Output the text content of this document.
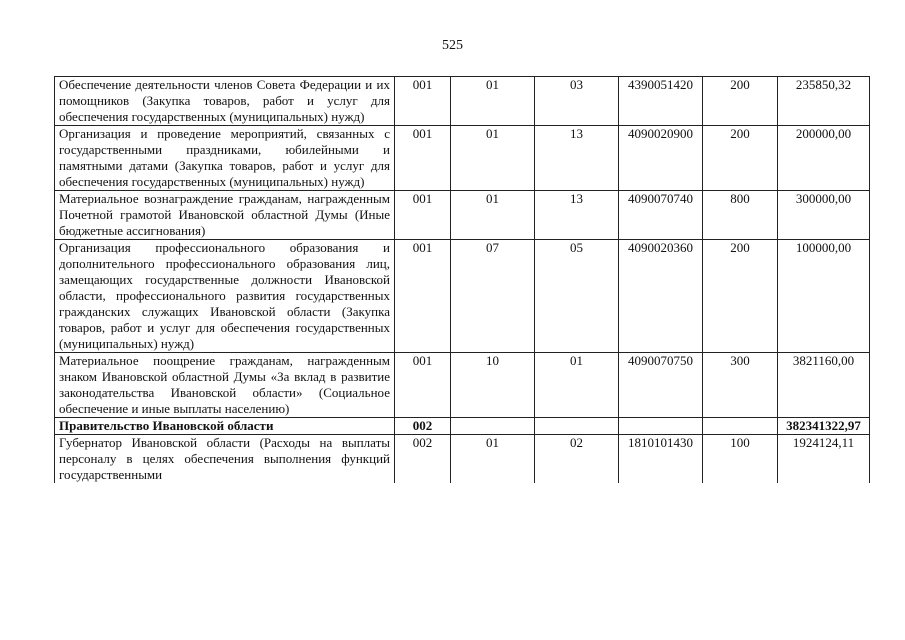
525
Обеспечение деятельности членов Совета Федерации и их помощников (Закупка товаров, работ и услуг для обеспечения государственных (муниципальных) нужд)	001	01	03	4390051420	200	235850,32
Организация и проведение мероприятий, связанных с государственными праздниками, юбилейными и памятными датами (Закупка товаров, работ и услуг для обеспечения государственных (муниципальных) нужд)	001	01	13	4090020900	200	200000,00
Материальное вознаграждение гражданам, награжденным Почетной грамотой Ивановской областной Думы (Иные бюджетные ассигнования)	001	01	13	4090070740	800	300000,00
Организация профессионального образования и дополнительного профессионального образования лиц, замещающих государственные должности Ивановской области, профессионального развития государственных гражданских служащих Ивановской области (Закупка товаров, работ и услуг для обеспечения государственных (муниципальных) нужд)	001	07	05	4090020360	200	100000,00
Материальное поощрение гражданам, награжденным знаком Ивановской областной Думы «За вклад в развитие законодательства Ивановской области» (Социальное обеспечение и иные выплаты населению)	001	10	01	4090070750	300	3821160,00
Правительство Ивановской области	002					382341322,97
Губернатор Ивановской области (Расходы на выплаты персоналу в целях обеспечения выполнения функций государственными	002	01	02	1810101430	100	1924124,11
